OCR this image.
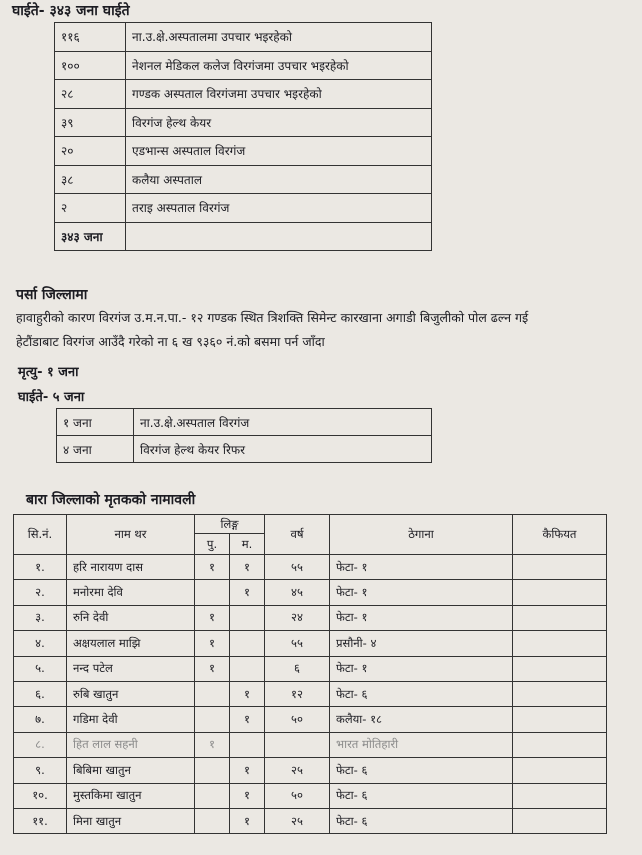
घाईते- ३४३ जना घाईते
११६	ना.उ.क्षे.अस्पतालमा उपचार भइरहेको
१००	नेशनल मेडिकल कलेज विरगंजमा उपचार भइरहेको
२८	गण्डक अस्पताल विरगंजमा उपचार भइरहेको
३९	विरगंज हेल्थ केयर
२०	एडभान्स अस्पताल विरगंज
३८	कलैया अस्पताल
२	तराइ अस्पताल विरगंज
३४३ जना	
पर्सा जिल्लामा
हावाहुरीको कारण विरगंज उ.म.न.पा.- १२ गण्डक स्थित त्रिशक्ति सिमेन्ट कारखाना अगाडी बिजुलीको पोल ढल्न गई
हेटौंडाबाट विरगंज आउँदै गरेको ना ६ ख ९३६० नं.को बसमा पर्न जाँदा
मृत्यु- १ जना
घाईते- ५ जना
१ जना	ना.उ.क्षे.अस्पताल विरगंज
४ जना	विरगंज हेल्थ केयर रिफर
बारा जिल्लाको मृतकको नामावली
सि.नं.	नाम थर	लिङ्ग		वर्ष	ठेगाना	कैफियत
		पु.	म.			
१.	हरि नारायण दास	१	१	५५	फेटा- १	
२.	मनोरमा देवि		१	४५	फेटा- १	
३.	रुनि देवी	१		२४	फेटा- १	
४.	अक्षयलाल माझि	१		५५	प्रसौनी- ४	
५.	नन्द पटेल	१		६	फेटा- १	
६.	रुबि खातुन		१	१२	फेटा- ६	
७.	गडिमा देवी		१	५०	कलैया- १८	
८.	हित लाल सहनी	१			भारत मोतिहारी	
९.	बिबिमा खातुन		१	२५	फेटा- ६	
१०.	मुस्तकिमा खातुन		१	५०	फेटा- ६	
११.	मिना खातुन		१	२५	फेटा- ६	
